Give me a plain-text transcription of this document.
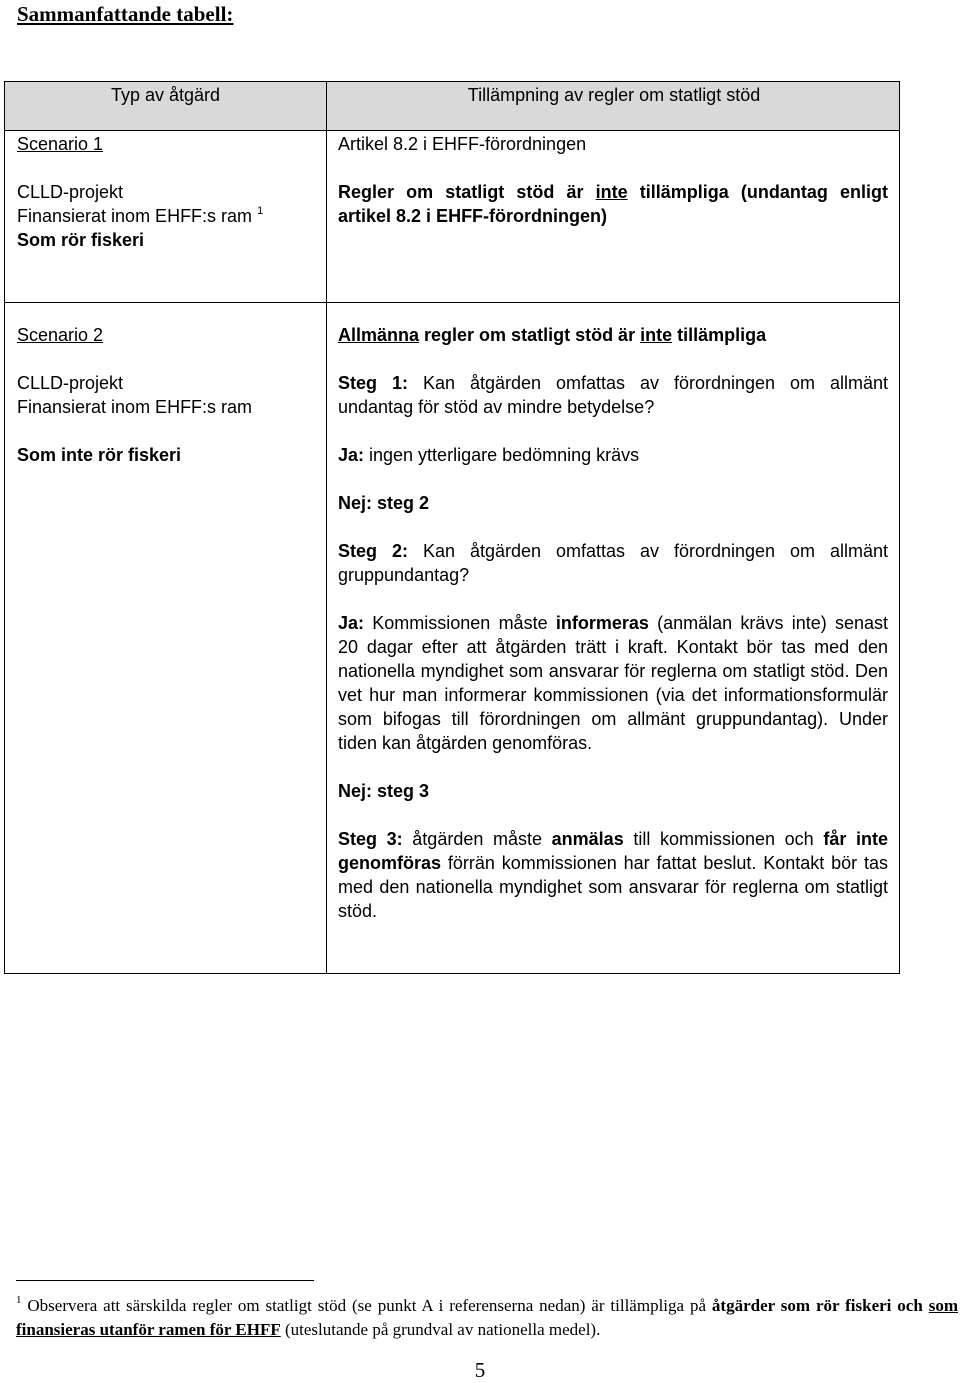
Sammanfattande tabell:
Typ av åtgärd	Tillämpning av regler om statligt stöd
Scenario 1
CLLD-projekt
Finansierat inom EHFF:s ram $^1$
Som rör fiskeri
Artikel 8.2 i EHFF-förordningen
Regler om statligt stöd är inte tillämpliga (undantag enligt artikel 8.2 i EHFF-förordningen)
Scenario 2
CLLD-projekt
Finansierat inom EHFF:s ram
Som inte rör fiskeri
Allmänna regler om statligt stöd är inte tillämpliga
Steg 1: Kan åtgärden omfattas av förordningen om allmänt undantag för stöd av mindre betydelse?
Ja: ingen ytterligare bedömning krävs
Nej: steg 2
Steg 2: Kan åtgärden omfattas av förordningen om allmänt gruppundantag?
Ja: Kommissionen måste informeras (anmälan krävs inte) senast 20 dagar efter att åtgärden trätt i kraft. Kontakt bör tas med den nationella myndighet som ansvarar för reglerna om statligt stöd. Den vet hur man informerar kommissionen (via det informationsformulär som bifogas till förordningen om allmänt gruppundantag). Under tiden kan åtgärden genomföras.
Nej: steg 3
Steg 3: åtgärden måste anmälas till kommissionen och får inte genomföras förrän kommissionen har fattat beslut. Kontakt bör tas med den nationella myndighet som ansvarar för reglerna om statligt stöd.
$^1$ Observera att särskilda regler om statligt stöd (se punkt A i referenserna nedan) är tillämpliga på åtgärder som rör fiskeri och som finansieras utanför ramen för EHFF (uteslutande på grundval av nationella medel).
5
